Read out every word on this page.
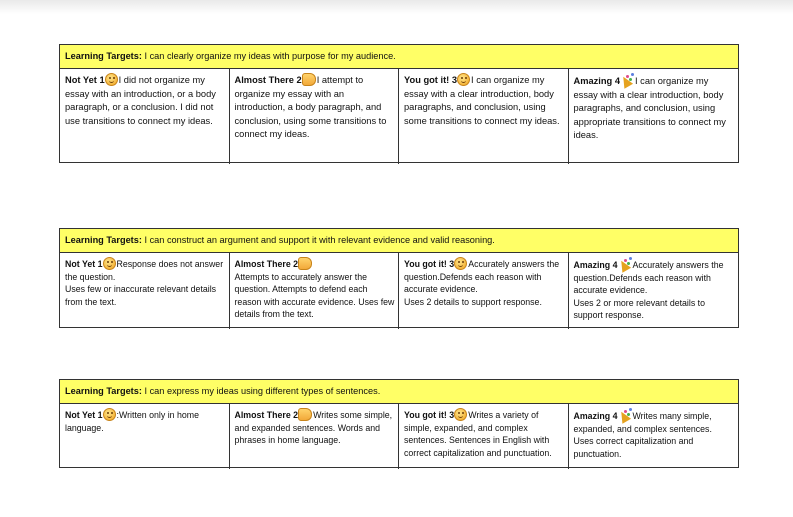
Learning Targets: I can clearly organize my ideas with purpose for my audience.
Not Yet 1 I did not organize my essay with an introduction, or a body paragraph, or a conclusion. I did not use transitions to connect my ideas.
Almost There 2 I attempt to organize my essay with an introduction, a body paragraph, and conclusion, using some transitions to connect my ideas.
You got it! 3 I can organize my essay with a clear introduction, body paragraphs, and conclusion, using some transitions to connect my ideas.
Amazing 4 I can organize my essay with a clear introduction, body paragraphs, and conclusion, using appropriate transitions to connect my ideas.
Learning Targets: I can construct an argument and support it with relevant evidence and valid reasoning.
Not Yet 1 Response does not answer the question.
Uses few or inaccurate relevant details from the text.
Almost There 2
Attempts to accurately answer the question. Attempts to defend each reason with accurate evidence. Uses few details from the text.
You got it! 3 Accurately answers the question.Defends each reason with accurate evidence.
Uses 2 details to support response.
Amazing 4 Accurately answers the question.Defends each reason with accurate evidence.
Uses 2 or more relevant details to support response.
Learning Targets: I can express my ideas using different types of sentences.
Not Yet 1 :Written only in home language.
Almost There 2 Writes some simple, and expanded sentences. Words and phrases in home language.
You got it! 3 Writes a variety of simple, expanded, and complex sentences. Sentences in English with correct capitalization and punctuation.
Amazing 4 Writes many simple, expanded, and complex sentences.
Uses correct capitalization and punctuation.
